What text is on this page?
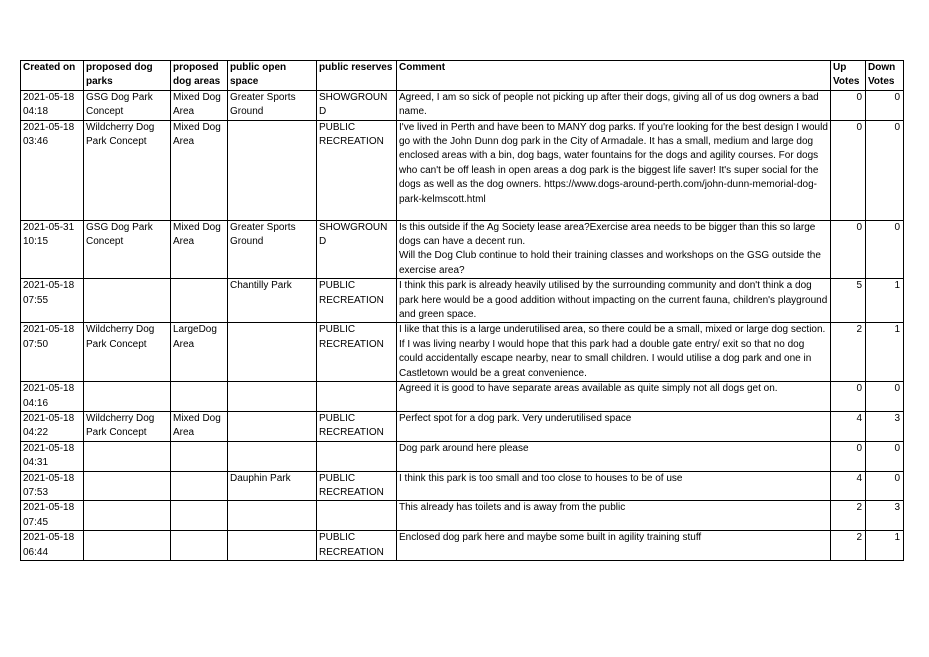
Created on	proposed dog parks	proposed dog areas	public open space	public reserves	Comment	Up Votes	Down Votes
2021-05-18 04:18	GSG Dog Park Concept	Mixed Dog Area	Greater Sports Ground	SHOWGROUND	Agreed, I am so sick of people not picking up after their dogs, giving all of us dog owners a bad name.	0	0
2021-05-18 03:46	Wildcherry Dog Park Concept	Mixed Dog Area		PUBLIC RECREATION	I've lived in Perth and have been to MANY dog parks. If you're looking for the best design I would go with the John Dunn dog park in the City of Armadale. It has a small, medium and large dog enclosed areas with a bin, dog bags, water fountains for the dogs and agility courses. For dogs who can't be off leash in open areas a dog park is the biggest life saver! It's super social for the dogs as well as the dog owners. https://www.dogs-around-perth.com/john-dunn-memorial-dog-park-kelmscott.html	0	0
2021-05-31 10:15	GSG Dog Park Concept	Mixed Dog Area	Greater Sports Ground	SHOWGROUND	Is this outside if the Ag Society lease area?Exercise area needs to be bigger than this so large dogs can have a decent run.
Will the Dog Club continue to hold their training classes and workshops on the GSG outside the exercise area?	0	0
2021-05-18 07:55			Chantilly Park	PUBLIC RECREATION	I think this park is already heavily utilised by the surrounding community and don't think a dog park here would be a good addition without impacting on the current fauna, children's playground and green space.	5	1
2021-05-18 07:50	Wildcherry Dog Park Concept	LargeDog Area		PUBLIC RECREATION	I like that this is a large underutilised area, so there could be a small, mixed or large dog section. If I was living nearby I would hope that this park had a double gate entry/ exit so that no dog could accidentally escape nearby, near to small children. I would utilise a dog park and one in Castletown would be a great convenience.	2	1
2021-05-18 04:16					Agreed it is good to have separate areas available as quite simply not all dogs get on.	0	0
2021-05-18 04:22	Wildcherry Dog Park Concept	Mixed Dog Area		PUBLIC RECREATION	Perfect spot for a dog park. Very underutilised space	4	3
2021-05-18 04:31					Dog park around here please	0	0
2021-05-18 07:53			Dauphin Park	PUBLIC RECREATION	I think this park is too small and too close to houses to be of use	4	0
2021-05-18 07:45					This already has toilets and is away from the public	2	3
2021-05-18 06:44				PUBLIC RECREATION	Enclosed dog park here and maybe some built in agility training stuff	2	1
